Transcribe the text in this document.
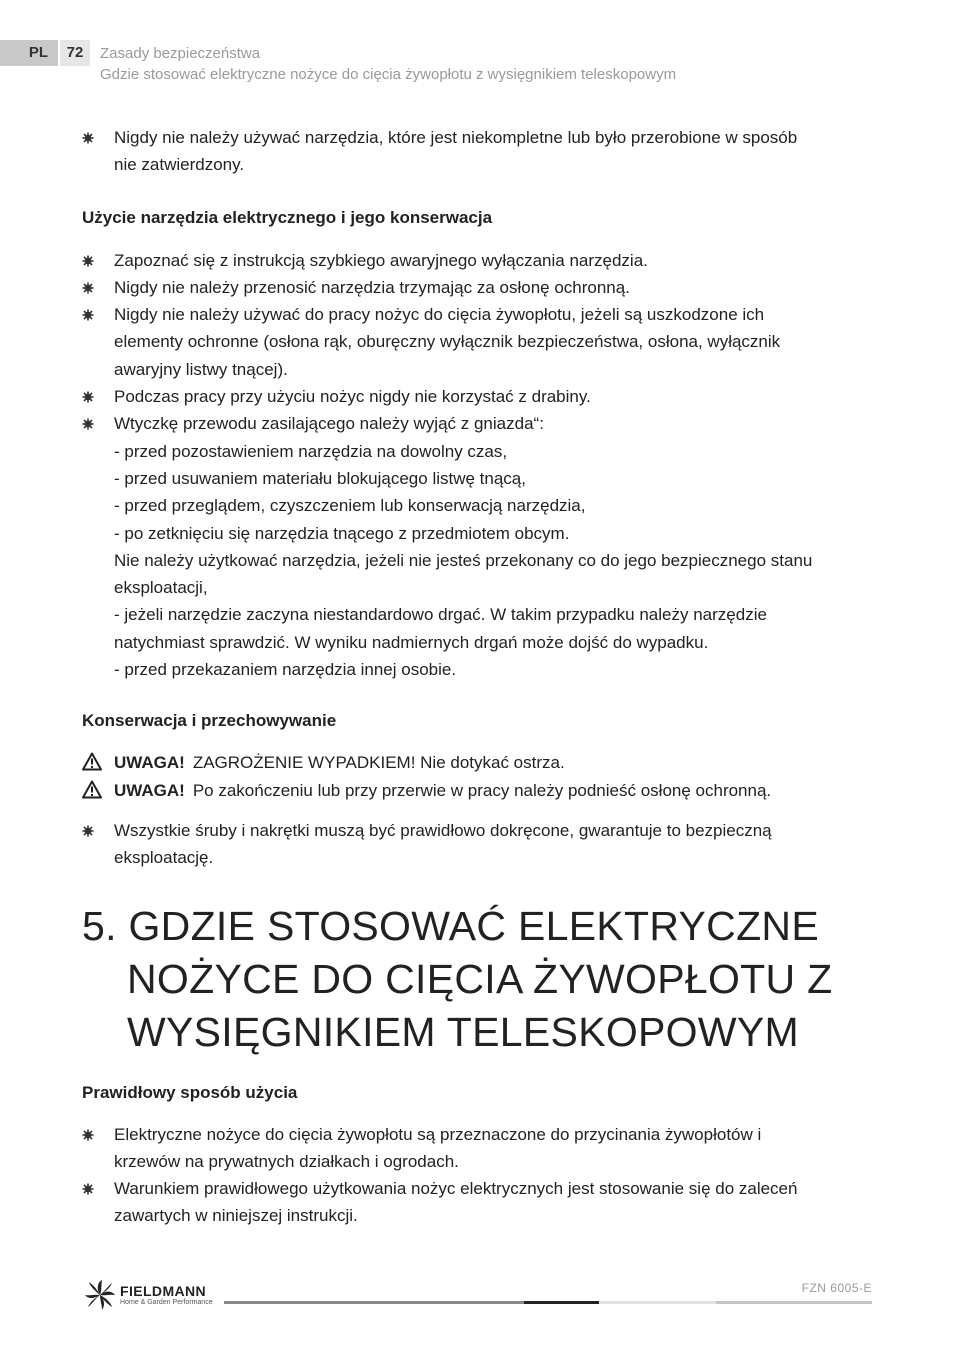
PL	72	Zasady bezpieczeństwa
Gdzie stosować elektryczne nożyce do cięcia żywopłotu z wysięgnikiem teleskopowym
Nigdy nie należy używać narzędzia, które jest niekompletne lub było przerobione w sposób
nie zatwierdzony.
Użycie narzędzia elektrycznego i jego konserwacja
Zapoznać się z instrukcją szybkiego awaryjnego wyłączania narzędzia.
Nigdy nie należy przenosić narzędzia trzymając za osłonę ochronną.
Nigdy nie należy używać do pracy nożyc do cięcia żywopłotu, jeżeli są uszkodzone ich
elementy ochronne (osłona rąk, oburęczny wyłącznik bezpieczeństwa, osłona, wyłącznik
awaryjny listwy tnącej).
Podczas pracy przy użyciu nożyc nigdy nie korzystać z drabiny.
Wtyczkę przewodu zasilającego należy wyjąć z gniazda“:
- przed pozostawieniem narzędzia na dowolny czas,
- przed usuwaniem materiału blokującego listwę tnącą,
- przed przeglądem, czyszczeniem lub konserwacją narzędzia,
- po zetknięciu się narzędzia tnącego z przedmiotem obcym.
Nie należy użytkować narzędzia, jeżeli nie jesteś przekonany co do jego bezpiecznego stanu
eksploatacji,
- jeżeli narzędzie zaczyna niestandardowo drgać. W takim przypadku należy narzędzie
natychmiast sprawdzić. W wyniku nadmiernych drgań może dojść do wypadku.
- przed przekazaniem narzędzia innej osobie.
Konserwacja i przechowywanie
UWAGA! ZAGROŻENIE WYPADKIEM! Nie dotykać ostrza.
UWAGA! Po zakończeniu lub przy przerwie w pracy należy podnieść osłonę ochronną.
Wszystkie śruby i nakrętki muszą być prawidłowo dokręcone, gwarantuje to bezpieczną
eksploatację.
5. GDZIE STOSOWAĆ ELEKTRYCZNE NOŻYCE DO CIĘCIA ŻYWOPŁOTU Z WYSIĘGNIKIEM TELESKOPOWYM
Prawidłowy sposób użycia
Elektryczne nożyce do cięcia żywopłotu są przeznaczone do przycinania żywopłotów i
krzewów na prywatnych działkach i ogrodach.
Warunkiem prawidłowego użytkowania nożyc elektrycznych jest stosowanie się do zaleceń
zawartych w niniejszej instrukcji.
FIELDMANN
Home & Garden Performance
FZN 6005-E
